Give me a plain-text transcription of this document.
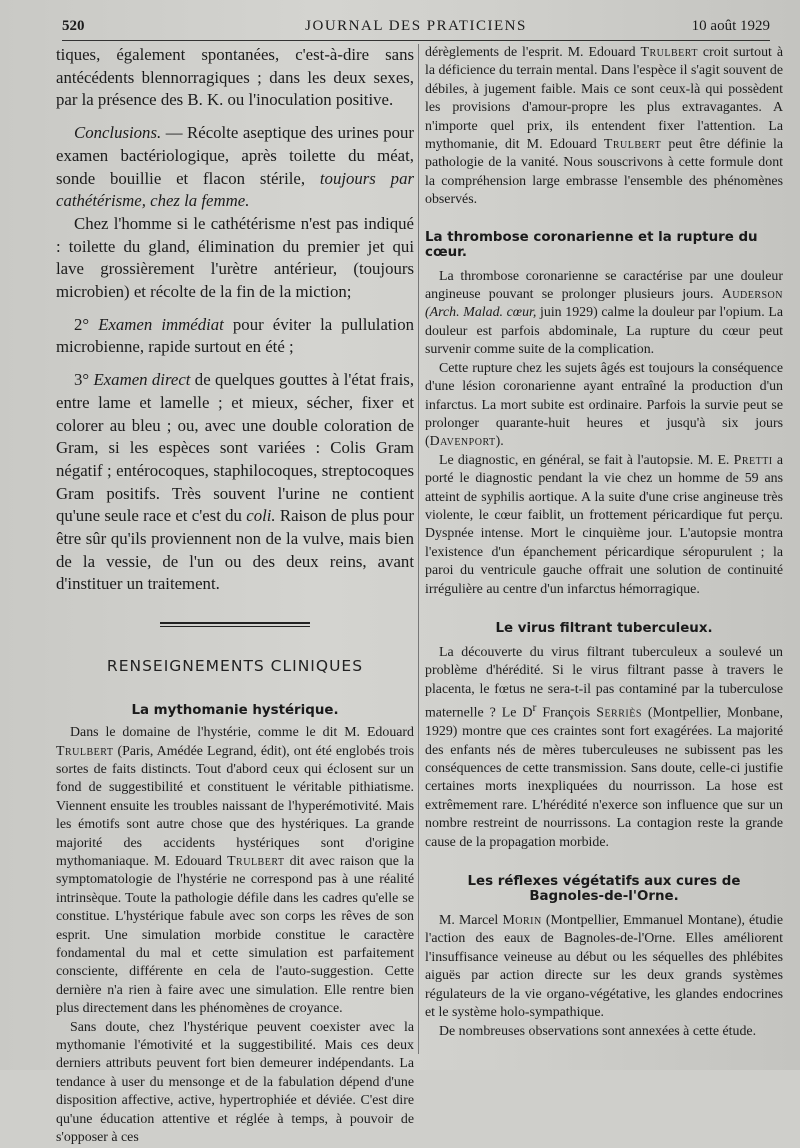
520	JOURNAL DES PRATICIENS	10 août 1929

tiques, également spontanées, c'est-à-dire sans antécédents blennorragiques ; dans les deux sexes, par la présence des B. K. ou l'inoculation positive.

Conclusions. — Récolte aseptique des urines pour examen bactériologique, après toilette du méat, sonde bouillie et flacon stérile, toujours par cathétérisme, chez la femme.

Chez l'homme si le cathétérisme n'est pas indiqué : toilette du gland, élimination du premier jet qui lave grossièrement l'urètre antérieur, (toujours microbien) et récolte de la fin de la miction;

2° Examen immédiat pour éviter la pullulation microbienne, rapide surtout en été ;

3° Examen direct de quelques gouttes à l'état frais, entre lame et lamelle ; et mieux, sécher, fixer et colorer au bleu ; ou, avec une double coloration de Gram, si les espèces sont variées : Colis Gram négatif ; entérocoques, staphilocoques, streptocoques Gram positifs. Très souvent l'urine ne contient qu'une seule race et c'est du coli. Raison de plus pour être sûr qu'ils proviennent non de la vulve, mais bien de la vessie, de l'un ou des deux reins, avant d'instituer un traitement.

RENSEIGNEMENTS CLINIQUES
La mythomanie hystérique.

Dans le domaine de l'hystérie, comme le dit M. Edouard Trulbert (Paris, Amédée Legrand, édit), ont été englobés trois sortes de faits distincts. Tout d'abord ceux qui éclosent sur un fond de suggestibilité et constituent le véritable pithiatisme. Viennent ensuite les troubles naissant de l'hyperémotivité. Mais les émotifs sont autre chose que des hystériques. La grande majorité des accidents hystériques sont d'origine mythomaniaque. M. Edouard Trulbert dit avec raison que la symptomatologie de l'hystérie ne correspond pas à une réalité intrinsèque. Toute la pathologie défile dans les cadres qu'elle se constitue. L'hystérique fabule avec son corps les rêves de son esprit. Une simulation morbide constitue le caractère fondamental du mal et cette simulation est parfaitement consciente, différente en cela de l'auto-suggestion. Cette dernière n'a rien à faire avec une simulation. Elle rentre bien plus directement dans les phénomènes de croyance.

Sans doute, chez l'hystérique peuvent coexister avec la mythomanie l'émotivité et la suggestibilité. Mais ces deux derniers attributs peuvent fort bien demeurer indépendants. La tendance à user du mensonge et de la fabulation dépend d'une disposition affective, active, hypertrophiée et déviée. C'est dire qu'une éducation attentive et réglée à temps, à pouvoir de s'opposer à ces

dérèglements de l'esprit. M. Edouard Trulbert croit surtout à la déficience du terrain mental. Dans l'espèce il s'agit souvent de débiles, à jugement faible. Mais ce sont ceux-là qui possèdent les provisions d'amour-propre les plus extravagantes. A n'importe quel prix, ils entendent fixer l'attention. La mythomanie, dit M. Edouard Trulbert peut être définie la pathologie de la vanité. Nous souscrivons à cette formule dont la compréhension large embrasse l'ensemble des phénomènes observés.

La thrombose coronarienne et la rupture du cœur.

La thrombose coronarienne se caractérise par une douleur angineuse pouvant se prolonger plusieurs jours. Auderson (Arch. Malad. cœur, juin 1929) calme la douleur par l'opium. La douleur est parfois abdominale, La rupture du cœur peut survenir comme suite de la complication.

Cette rupture chez les sujets âgés est toujours la conséquence d'une lésion coronarienne ayant entraîné la production d'un infarctus. La mort subite est ordinaire. Parfois la survie peut se prolonger quarante-huit heures et jusqu'à six jours (Davenport).

Le diagnostic, en général, se fait à l'autopsie. M. E. Pretti a porté le diagnostic pendant la vie chez un homme de 59 ans atteint de syphilis aortique. A la suite d'une crise angineuse très violente, le cœur faiblit, un frottement péricardique fut perçu. Dyspnée intense. Mort le cinquième jour. L'autopsie montra l'existence d'un épanchement péricardique séropurulent ; la paroi du ventricule gauche offrait une solution de continuité irrégulière au centre d'un infarctus hémorragique.

Le virus filtrant tuberculeux.

La découverte du virus filtrant tuberculeux a soulevé un problème d'hérédité. Si le virus filtrant passe à travers le placenta, le fœtus ne sera-t-il pas contaminé par la tuberculose maternelle ? Le $D^r$ François Serriès (Montpellier, Monbane, 1929) montre que ces craintes sont fort exagérées. La majorité des enfants nés de mères tuberculeuses ne subissent pas les conséquences de cette transmission. Sans doute, celle-ci justifie certaines morts inexpliquées du nourrisson. La hose est extrêmement rare. L'hérédité n'exerce son influence que sur un nombre restreint de nourrissons. La contagion reste la grande cause de la propagation morbide.

Les réflexes végétatifs aux cures de
Bagnoles-de-l'Orne.

M. Marcel Morin (Montpellier, Emmanuel Montane), étudie l'action des eaux de Bagnoles-de-l'Orne. Elles améliorent l'insuffisance veineuse au début ou les séquelles des phlébites aiguës par action directe sur les deux grands systèmes régulateurs de la vie organo-végétative, les glandes endocrines et le système holo-sympathique.

De nombreuses observations sont annexées à cette étude.
